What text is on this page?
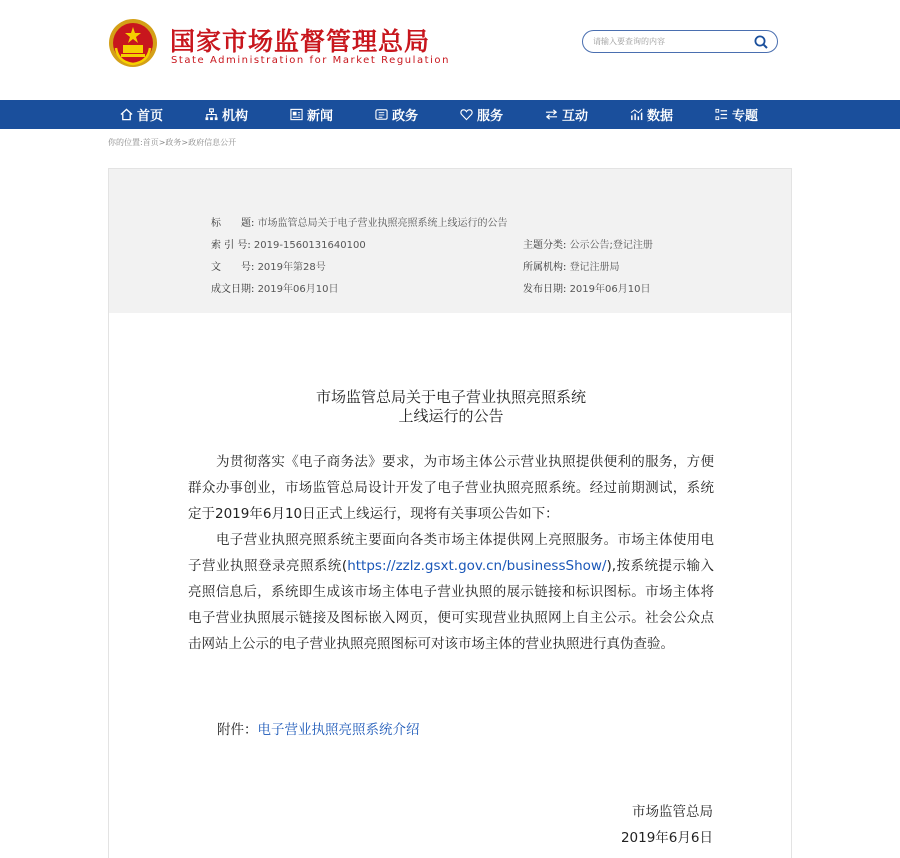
国家市场监督管理总局
State Administration for Market Regulation
请输入要查询的内容
首页	机构	新闻	政务	服务	互动	数据	专题
你的位置:首页>政务>政府信息公开
标　　题: 市场监管总局关于电子营业执照亮照系统上线运行的公告
索 引 号: 2019-1560131640100	主题分类: 公示公告;登记注册
文　　号: 2019年第28号	所属机构: 登记注册局
成文日期: 2019年06月10日	发布日期: 2019年06月10日
市场监管总局关于电子营业执照亮照系统
上线运行的公告
为贯彻落实《电子商务法》要求，为市场主体公示营业执照提供便利的服务，方便群众办事创业，市场监管总局设计开发了电子营业执照亮照系统。经过前期测试，系统定于2019年6月10日正式上线运行，现将有关事项公告如下：
电子营业执照亮照系统主要面向各类市场主体提供网上亮照服务。市场主体使用电子营业执照登录亮照系统(https://zzlz.gsxt.gov.cn/businessShow/),按系统提示输入亮照信息后，系统即生成该市场主体电子营业执照的展示链接和标识图标。市场主体将电子营业执照展示链接及图标嵌入网页，便可实现营业执照网上自主公示。社会公众点击网站上公示的电子营业执照亮照图标可对该市场主体的营业执照进行真伪查验。
附件：电子营业执照亮照系统介绍
市场监管总局
2019年6月6日
